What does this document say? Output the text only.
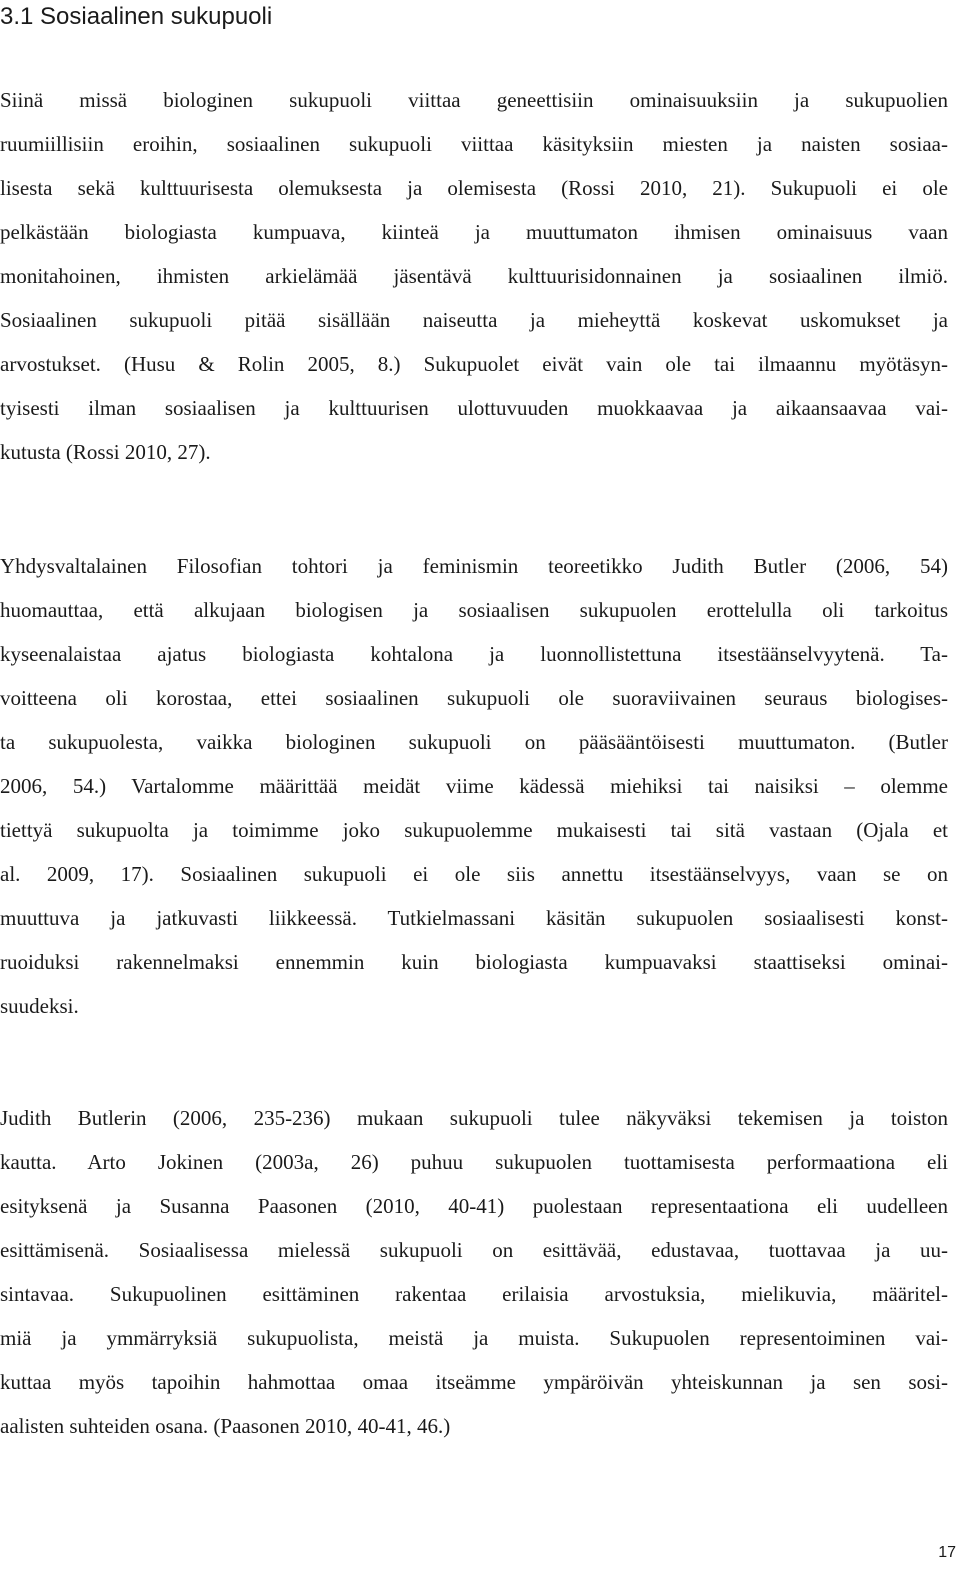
3.1 Sosiaalinen sukupuoli
Siinä missä biologinen sukupuoli viittaa geneettisiin ominaisuuksiin ja sukupuolien
ruumiillisiin eroihin, sosiaalinen sukupuoli viittaa käsityksiin miesten ja naisten sosiaa-
lisesta sekä kulttuurisesta olemuksesta ja olemisesta (Rossi 2010, 21). Sukupuoli ei ole
pelkästään biologiasta kumpuava, kiinteä ja muuttumaton ihmisen ominaisuus vaan
monitahoinen, ihmisten arkielämää jäsentävä kulttuurisidonnainen ja sosiaalinen ilmiö.
Sosiaalinen sukupuoli pitää sisällään naiseutta ja mieheyttä koskevat uskomukset ja
arvostukset. (Husu & Rolin 2005, 8.) Sukupuolet eivät vain ole tai ilmaannu myötäsyn-
tyisesti ilman sosiaalisen ja kulttuurisen ulottuvuuden muokkaavaa ja aikaansaavaa vai-
kutusta (Rossi 2010, 27).
Yhdysvaltalainen Filosofian tohtori ja feminismin teoreetikko Judith Butler (2006, 54)
huomauttaa, että alkujaan biologisen ja sosiaalisen sukupuolen erottelulla oli tarkoitus
kyseenalaistaa ajatus biologiasta kohtalona ja luonnollistettuna itsestäänselvyytenä. Ta-
voitteena oli korostaa, ettei sosiaalinen sukupuoli ole suoraviivainen seuraus biologises-
ta sukupuolesta, vaikka biologinen sukupuoli on pääsääntöisesti muuttumaton. (Butler
2006, 54.) Vartalomme määrittää meidät viime kädessä miehiksi tai naisiksi – olemme
tiettyä sukupuolta ja toimimme joko sukupuolemme mukaisesti tai sitä vastaan (Ojala et
al. 2009, 17). Sosiaalinen sukupuoli ei ole siis annettu itsestäänselvyys, vaan se on
muuttuva ja jatkuvasti liikkeessä. Tutkielmassani käsitän sukupuolen sosiaalisesti konst-
ruoiduksi rakennelmaksi ennemmin kuin biologiasta kumpuavaksi staattiseksi ominai-
suudeksi.
Judith Butlerin (2006, 235-236) mukaan sukupuoli tulee näkyväksi tekemisen ja toiston
kautta. Arto Jokinen (2003a, 26) puhuu sukupuolen tuottamisesta performaationa eli
esityksenä ja Susanna Paasonen (2010, 40-41) puolestaan representaationa eli uudelleen
esittämisenä. Sosiaalisessa mielessä sukupuoli on esittävää, edustavaa, tuottavaa ja uu-
sintavaa. Sukupuolinen esittäminen rakentaa erilaisia arvostuksia, mielikuvia, määritel-
miä ja ymmärryksiä sukupuolista, meistä ja muista. Sukupuolen representoiminen vai-
kuttaa myös tapoihin hahmottaa omaa itseämme ympäröivän yhteiskunnan ja sen sosi-
aalisten suhteiden osana. (Paasonen 2010, 40-41, 46.)
17
